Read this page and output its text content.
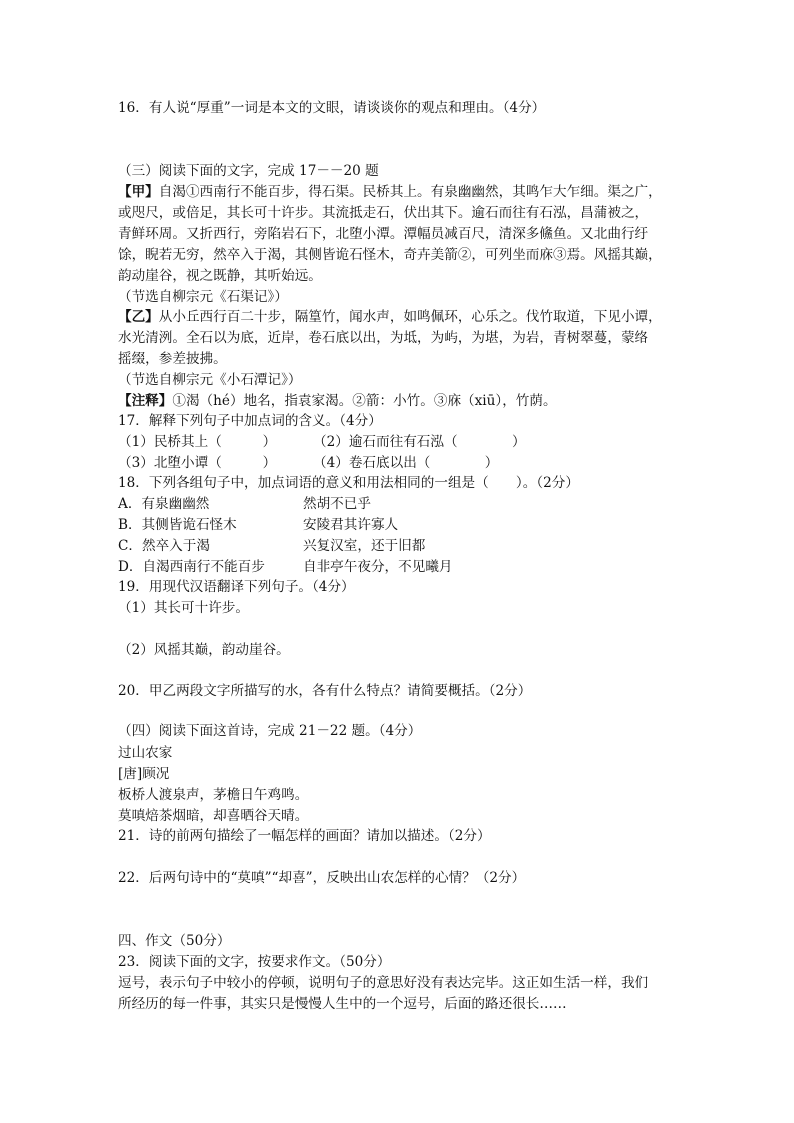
16．有人说“厚重”一词是本文的文眼，请谈谈你的观点和理由。（4分）
（三）阅读下面的文字，完成 17－－20 题
【甲】自渴①西南行不能百步，得石渠。民桥其上。有泉幽幽然，其鸣乍大乍细。渠之广，
或咫尺，或倍足，其长可十许步。其流抵走石，伏出其下。逾石而往有石泓，昌蒲被之，
青鲜环周。又折西行，旁陷岩石下，北堕小潭。潭幅员减百尺，清深多鯈鱼。又北曲行纡
馀，睨若无穷，然卒入于渴，其侧皆诡石怪木，奇卉美箭②，可列坐而庥③焉。风摇其巅，
韵动崖谷，视之既静，其听始远。
（节选自柳宗元《石渠记》）
【乙】从小丘西行百二十步，隔篁竹，闻水声，如鸣佩环，心乐之。伐竹取道，下见小谭，
水光清洌。全石以为底，近岸，卷石底以出，为坻，为屿，为堪，为岩，青树翠蔓，蒙络
摇缀，参差披拂。
（节选自柳宗元《小石潭记》）
【注释】①渴（hé）地名，指袁家渴。②箭：小竹。③庥（xiū），竹荫。
17．解释下列句子中加点词的含义。（4分）
（1）民桥其上（　　　）	（2）逾石而往有石泓（　　　　）
（3）北堕小谭（　　　）	（4）卷石底以出（　　　　）
18．下列各组句子中，加点词语的意义和用法相同的一组是（　　）。（2分）
A．有泉幽幽然	然胡不已乎
B．其侧皆诡石怪木	安陵君其许寡人
C．然卒入于渴	兴复汉室，还于旧都
D．自渴西南行不能百步	自非亭午夜分，不见曦月
19．用现代汉语翻译下列句子。（4分）
（1）其长可十许步。
（2）风摇其巅，韵动崖谷。
20．甲乙两段文字所描写的水，各有什么特点？请简要概括。（2分）
（四）阅读下面这首诗，完成 21－22 题。（4分）
过山农家
[唐]顾况
板桥人渡泉声，茅檐日午鸡鸣。
莫嗔焙茶烟暗，却喜晒谷天晴。
21．诗的前两句描绘了一幅怎样的画面？请加以描述。（2分）
22．后两句诗中的“莫嗔”“却喜”，反映出山农怎样的心情？（2分）
四、作文（50分）
23．阅读下面的文字，按要求作文。（50分）
逗号，表示句子中较小的停顿，说明句子的意思好没有表达完毕。这正如生活一样，我们
所经历的每一件事，其实只是慢慢人生中的一个逗号，后面的路还很长……
